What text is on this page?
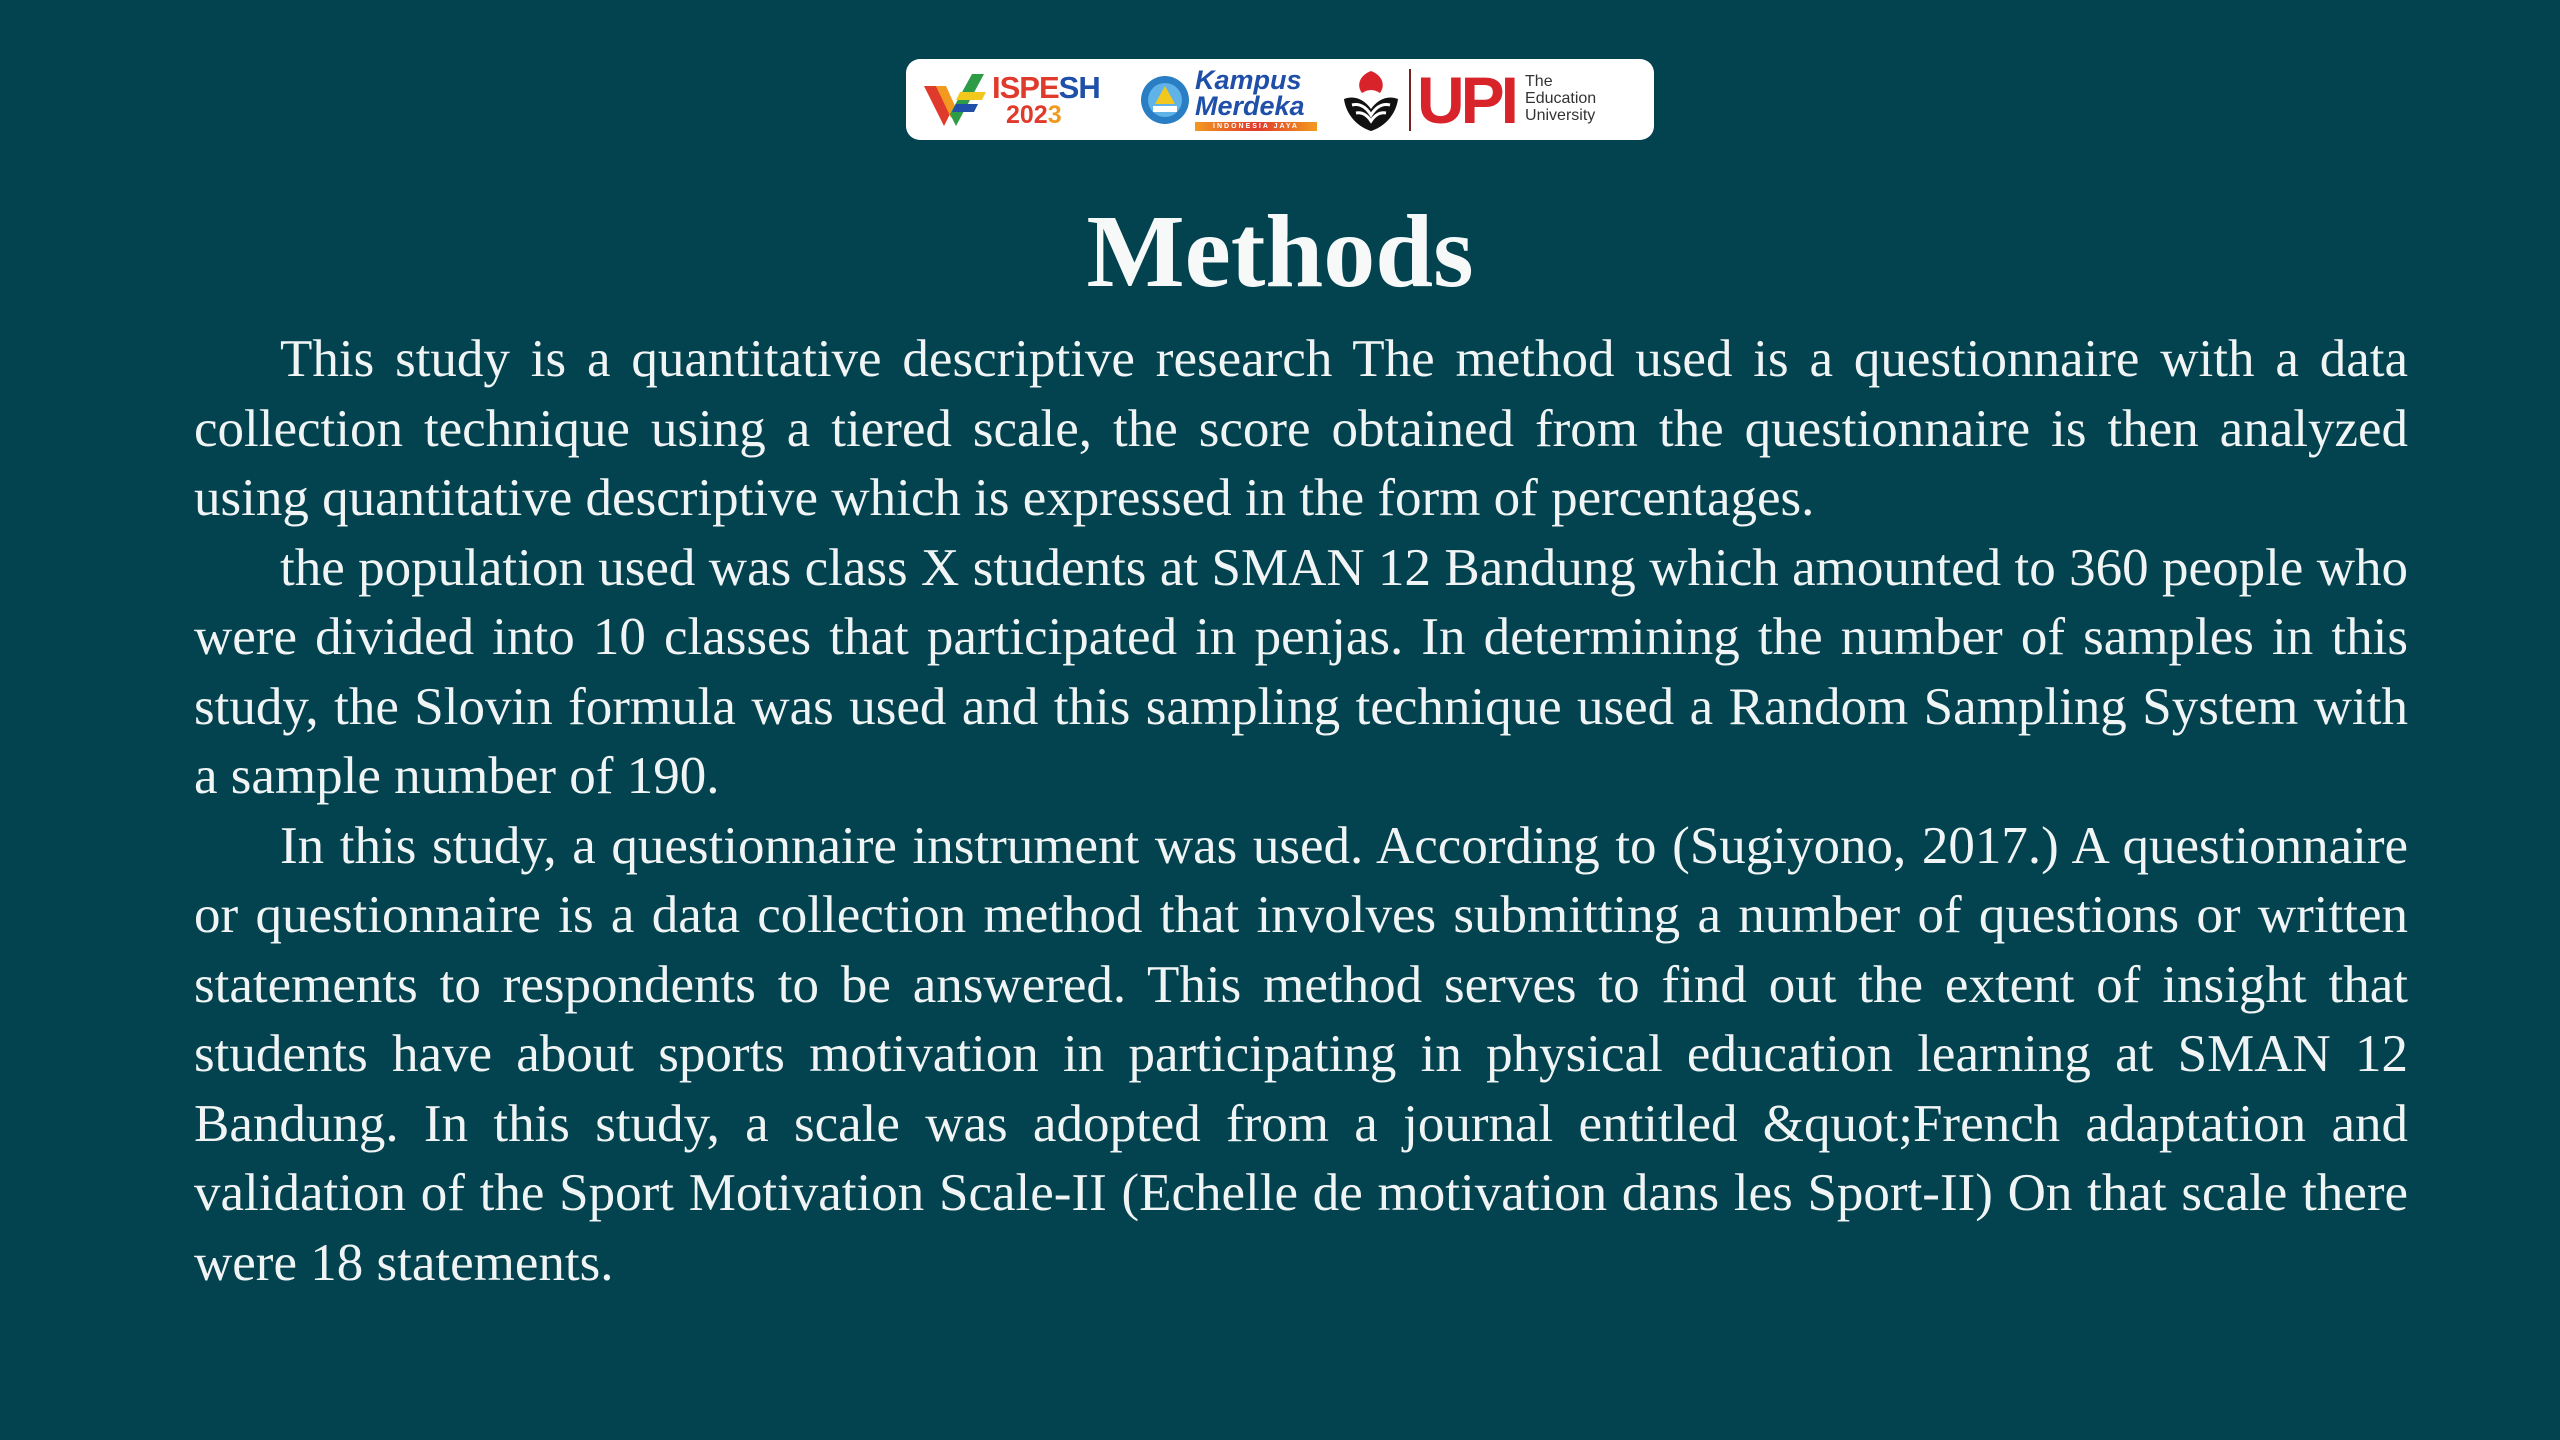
ISPESH
2023
Kampus
Merdeka
INDONESIA JAYA UPI The
Education
University
Methods

This study is a quantitative descriptive research The method used is a questionnaire with a data collection technique using a tiered scale, the score obtained from the questionnaire is then analyzed using quantitative descriptive which is expressed in the form of percentages.

the population used was class X students at SMAN 12 Bandung which amounted to 360 people who were divided into 10 classes that participated in penjas. In determining the number of samples in this study, the Slovin formula was used and this sampling technique used a Random Sampling System with a sample number of 190.

In this study, a questionnaire instrument was used. According to (Sugiyono, 2017.) A questionnaire or questionnaire is a data collection method that involves submitting a number of questions or written statements to respondents to be answered. This method serves to find out the extent of insight that students have about sports motivation in participating in physical education learning at SMAN 12 Bandung. In this study, a scale was adopted from a journal entitled &quot;French adaptation and validation of the Sport Motivation Scale-II (Echelle de motivation dans les Sport-II) On that scale there were 18 statements.
